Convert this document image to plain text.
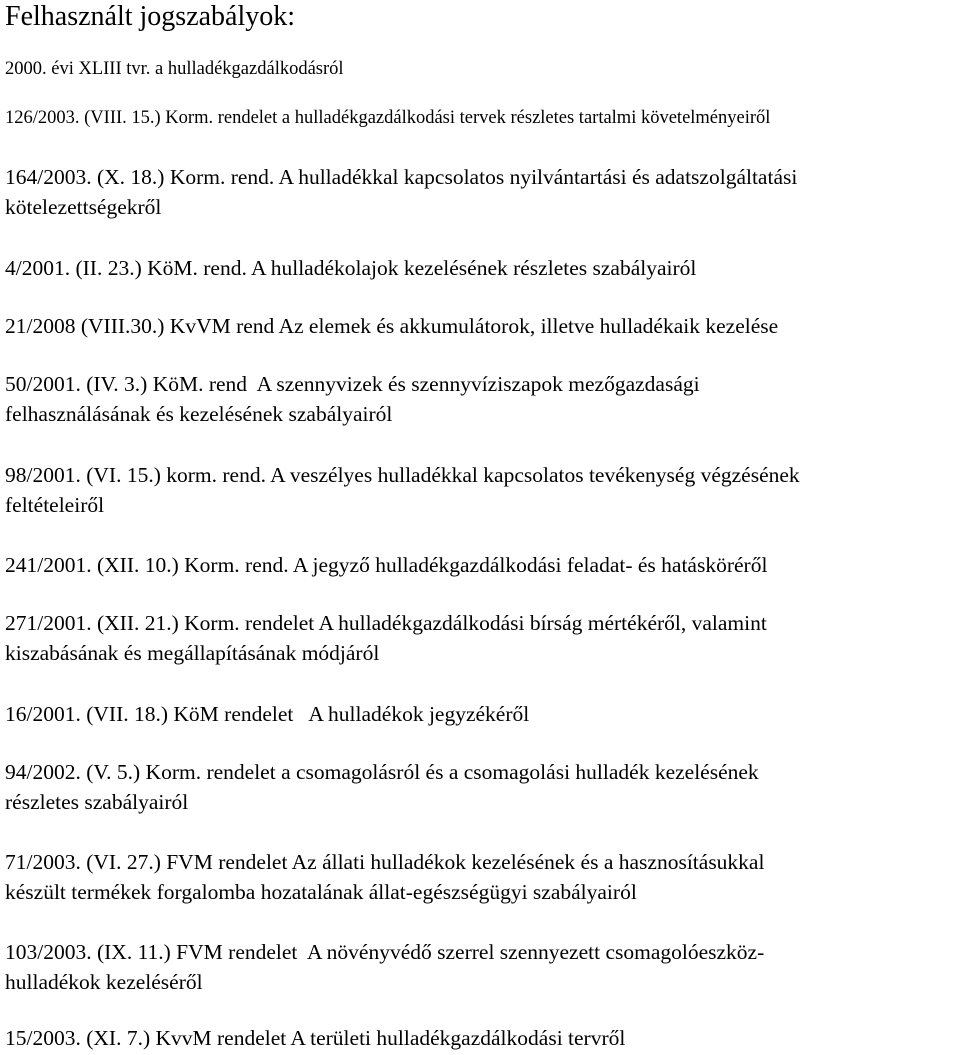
Felhasznált jogszabályok:

2000. évi XLIII tvr. a hulladékgazdálkodásról

126/2003. (VIII. 15.) Korm. rendelet a hulladékgazdálkodási tervek részletes tartalmi követelményeiről

164/2003. (X. 18.) Korm. rend. A hulladékkal kapcsolatos nyilvántartási és adatszolgáltatási
kötelezettségekről

4/2001. (II. 23.) KöM. rend. A hulladékolajok kezelésének részletes szabályairól

21/2008 (VIII.30.) KvVM rend Az elemek és akkumulátorok, illetve hulladékaik kezelése

50/2001. (IV. 3.) KöM. rend  A szennyvizek és szennyvíziszapok mezőgazdasági
felhasználásának és kezelésének szabályairól

98/2001. (VI. 15.) korm. rend. A veszélyes hulladékkal kapcsolatos tevékenység végzésének
feltételeiről

241/2001. (XII. 10.) Korm. rend. A jegyző hulladékgazdálkodási feladat- és hatásköréről

271/2001. (XII. 21.) Korm. rendelet A hulladékgazdálkodási bírság mértékéről, valamint
kiszabásának és megállapításának módjáról

16/2001. (VII. 18.) KöM rendelet   A hulladékok jegyzékéről

94/2002. (V. 5.) Korm. rendelet a csomagolásról és a csomagolási hulladék kezelésének
részletes szabályairól

71/2003. (VI. 27.) FVM rendelet Az állati hulladékok kezelésének és a hasznosításukkal
készült termékek forgalomba hozatalának állat-egészségügyi szabályairól

103/2003. (IX. 11.) FVM rendelet  A növényvédő szerrel szennyezett csomagolóeszköz-
hulladékok kezeléséről

15/2003. (XI. 7.) KvvM rendelet A területi hulladékgazdálkodási tervről
